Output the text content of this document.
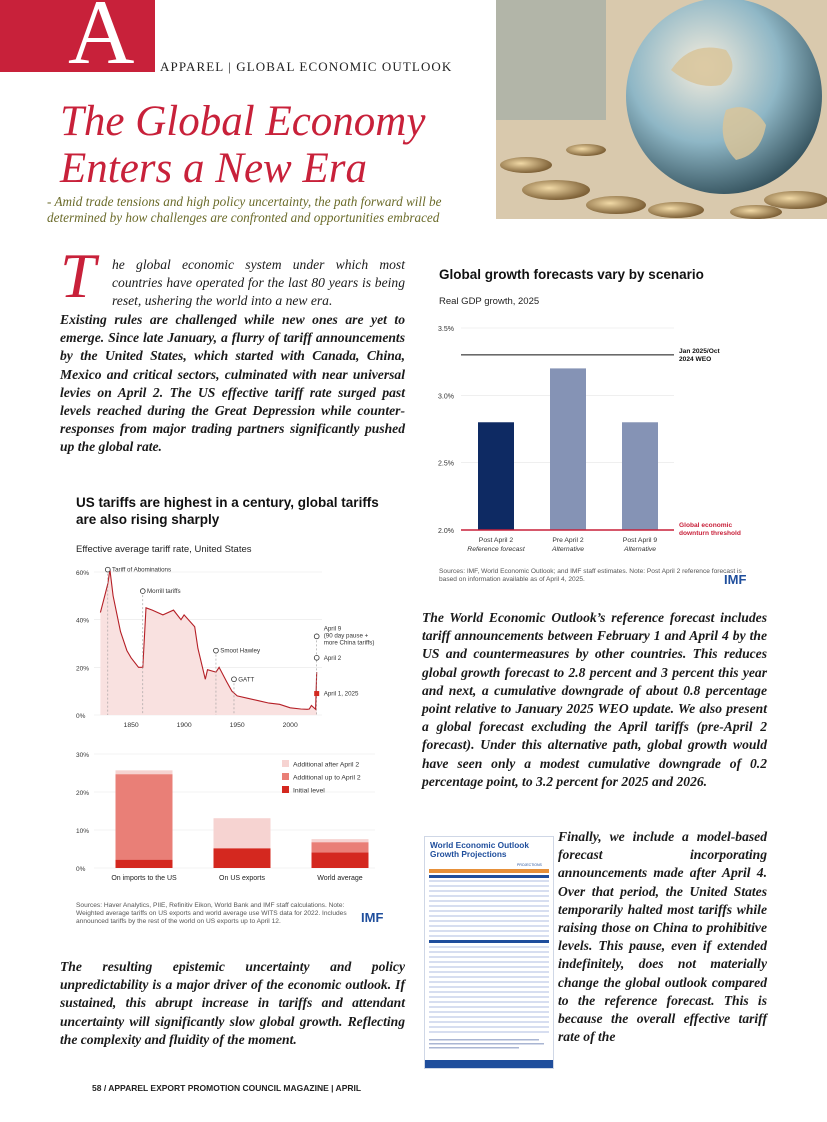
A	APPAREL | GLOBAL ECONOMIC OUTLOOK
The Global Economy
Enters a New Era
- Amid trade tensions and high policy uncertainty, the path forward will be determined by how challenges are confronted and opportunities embraced
T he global economic system under which most countries have operated for the last 80 years is being reset, ushering the world into a new era.
Existing rules are challenged while new ones are yet to emerge. Since late January, a flurry of tariff announcements by the United States, which started with Canada, China, Mexico and critical sectors, culminated with near universal levies on April 2. The US effective tariff rate surged past levels reached during the Great Depression while counter-responses from major trading partners significantly pushed up the global rate.
Global growth forecasts vary by scenario
Real GDP growth, 2025
2.0%
2.5%
3.0%
3.5%
Post April 2
Reference forecast
Pre April 2
Alternative
Post April 9
Alternative
Jan 2025/Oct 2024 WEO
Global economic downturn threshold
Sources: IMF, World Economic Outlook; and IMF staff estimates. Note: Post April 2 reference forecast is based on information available as of April 4, 2025.	IMF
US tariffs are highest in a century, global tariffs are also rising sharply
Effective average tariff rate, United States
0%
20%
40%
60%
1850	1900	1950	2000
Tariff of Abominations
Morrill tariffs
Smoot Hawley
GATT
April 9 (90 day pause + more China tariffs)
April 2
April 1, 2025
0%
10%
20%
30%
On imports to the US	On US exports	World average
Additional after April 2
Additional up to April 2
Initial level
Sources: Haver Analytics, PIIE, Refinitiv Eikon, World Bank and IMF staff calculations. Note: Weighted average tariffs on US exports and world average use WITS data for 2022. Includes announced tariffs by the rest of the world on US exports up to April 12.	IMF
The World Economic Outlook’s reference forecast includes tariff announcements between February 1 and April 4 by the US and countermeasures by other countries. This reduces global growth forecast to 2.8 percent and 3 percent this year and next, a cumulative downgrade of about 0.8 percentage point relative to January 2025 WEO update. We also present a global forecast excluding the April tariffs (pre-April 2 forecast). Under this alternative path, global growth would have seen only a modest cumulative downgrade of 0.2 percentage point, to 3.2 percent for 2025 and 2026.
The resulting epistemic uncertainty and policy unpredictability is a major driver of the economic outlook. If sustained, this abrupt increase in tariffs and attendant uncertainty will significantly slow global growth. Reflecting the complexity and fluidity of the moment.
Finally, we include a model-based forecast incorporating announcements made after April 4. Over that period, the United States temporarily halted most tariffs while raising those on China to prohibitive levels. This pause, even if extended indefinitely, does not materially change the global outlook compared to the reference forecast. This is because the overall effective tariff rate of the
World Economic Outlook
Growth Projections
PROJECTIONS
58 / APPAREL EXPORT PROMOTION COUNCIL MAGAZINE | APRIL
